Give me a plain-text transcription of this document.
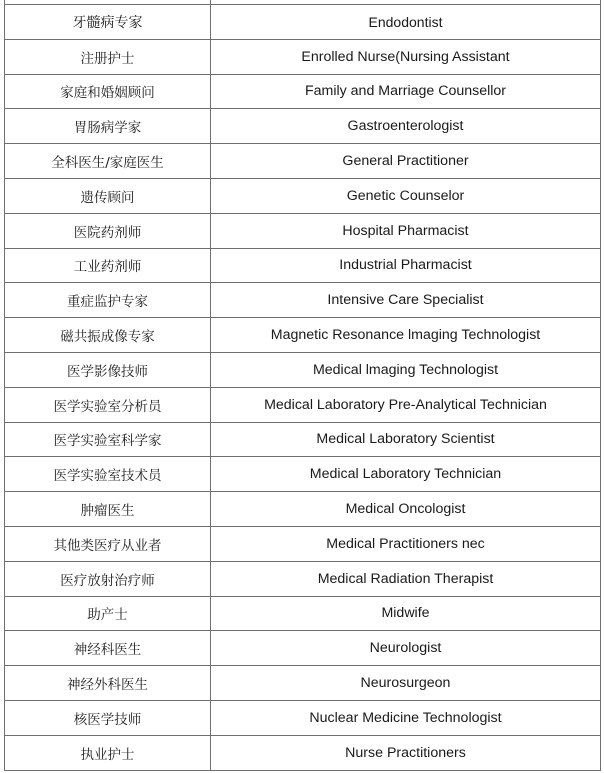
牙髓病专家	Endodontist
注册护士	Enrolled Nurse(Nursing Assistant
家庭和婚姻顾问	Family and Marriage Counsellor
胃肠病学家	Gastroenterologist
全科医生/家庭医生	General Practitioner
遗传顾问	Genetic Counselor
医院药剂师	Hospital Pharmacist
工业药剂师	Industrial Pharmacist
重症监护专家	Intensive Care Specialist
磁共振成像专家	Magnetic Resonance lmaging Technologist
医学影像技师	Medical lmaging Technologist
医学实验室分析员	Medical Laboratory Pre-Analytical Technician
医学实验室科学家	Medical Laboratory Scientist
医学实验室技术员	Medical Laboratory Technician
肿瘤医生	Medical Oncologist
其他类医疗从业者	Medical Practitioners nec
医疗放射治疗师	Medical Radiation Therapist
助产士	Midwife
神经科医生	Neurologist
神经外科医生	Neurosurgeon
核医学技师	Nuclear Medicine Technologist
执业护士	Nurse Practitioners
